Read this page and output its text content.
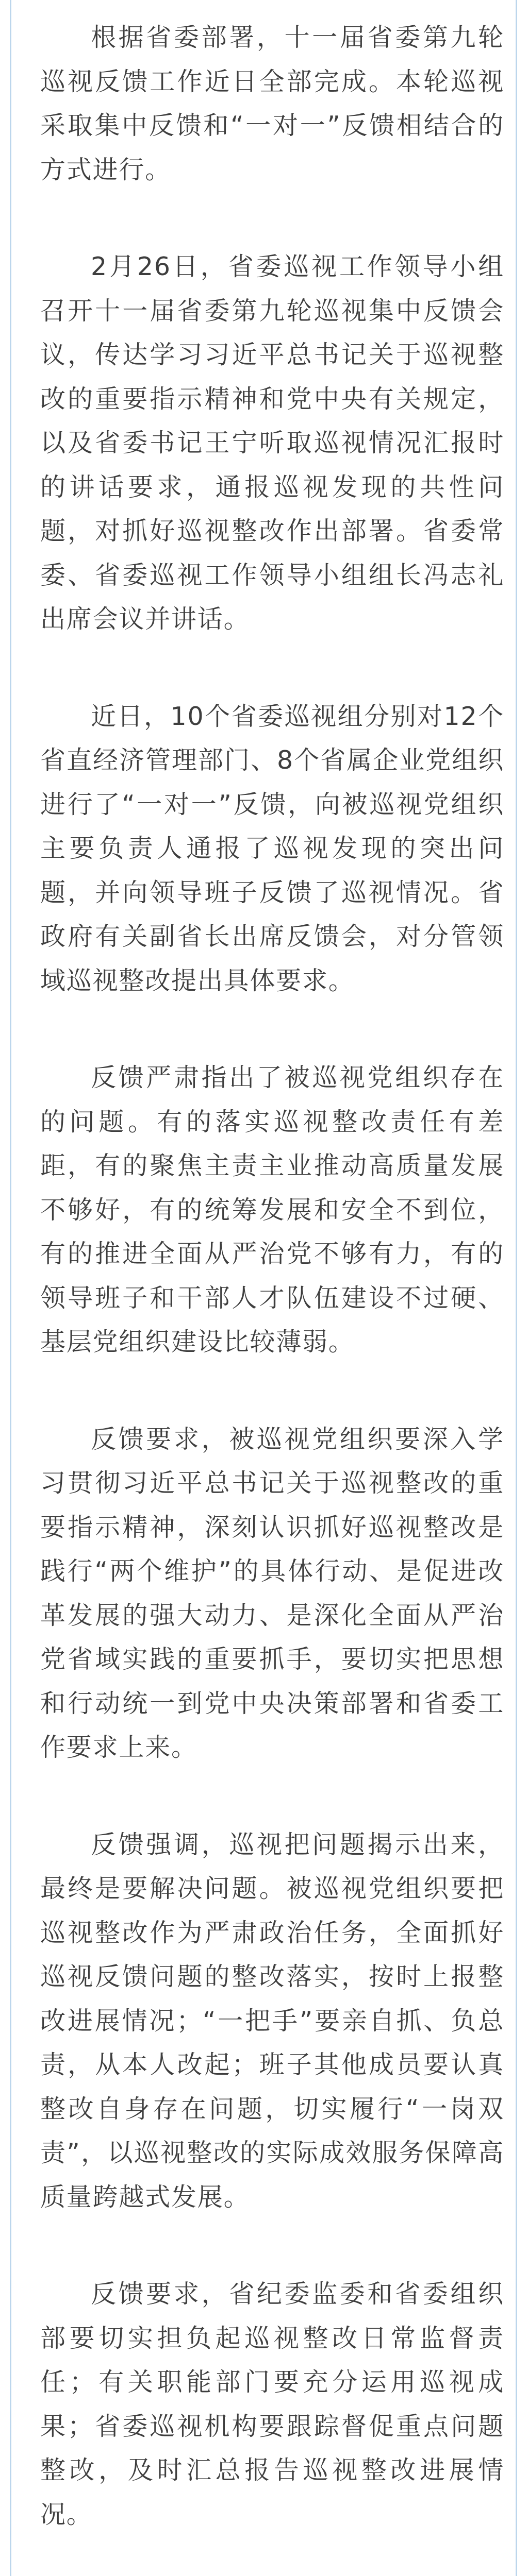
根据省委部署，十一届省委第九轮巡视反馈工作近日全部完成。本轮巡视采取集中反馈和“一对一”反馈相结合的方式进行。

2月26日，省委巡视工作领导小组召开十一届省委第九轮巡视集中反馈会议，传达学习习近平总书记关于巡视整改的重要指示精神和党中央有关规定，以及省委书记王宁听取巡视情况汇报时的讲话要求，通报巡视发现的共性问题，对抓好巡视整改作出部署。省委常委、省委巡视工作领导小组组长冯志礼出席会议并讲话。

近日，10个省委巡视组分别对12个省直经济管理部门、8个省属企业党组织进行了“一对一”反馈，向被巡视党组织主要负责人通报了巡视发现的突出问题，并向领导班子反馈了巡视情况。省政府有关副省长出席反馈会，对分管领域巡视整改提出具体要求。

反馈严肃指出了被巡视党组织存在的问题。有的落实巡视整改责任有差距，有的聚焦主责主业推动高质量发展不够好，有的统筹发展和安全不到位，有的推进全面从严治党不够有力，有的领导班子和干部人才队伍建设不过硬、基层党组织建设比较薄弱。

反馈要求，被巡视党组织要深入学习贯彻习近平总书记关于巡视整改的重要指示精神，深刻认识抓好巡视整改是践行“两个维护”的具体行动、是促进改革发展的强大动力、是深化全面从严治党省域实践的重要抓手，要切实把思想和行动统一到党中央决策部署和省委工作要求上来。

反馈强调，巡视把问题揭示出来，最终是要解决问题。被巡视党组织要把巡视整改作为严肃政治任务，全面抓好巡视反馈问题的整改落实，按时上报整改进展情况；“一把手”要亲自抓、负总责，从本人改起；班子其他成员要认真整改自身存在问题，切实履行“一岗双责”，以巡视整改的实际成效服务保障高质量跨越式发展。

反馈要求，省纪委监委和省委组织部要切实担负起巡视整改日常监督责任；有关职能部门要充分运用巡视成果；省委巡视机构要跟踪督促重点问题整改，及时汇总报告巡视整改进展情况。
